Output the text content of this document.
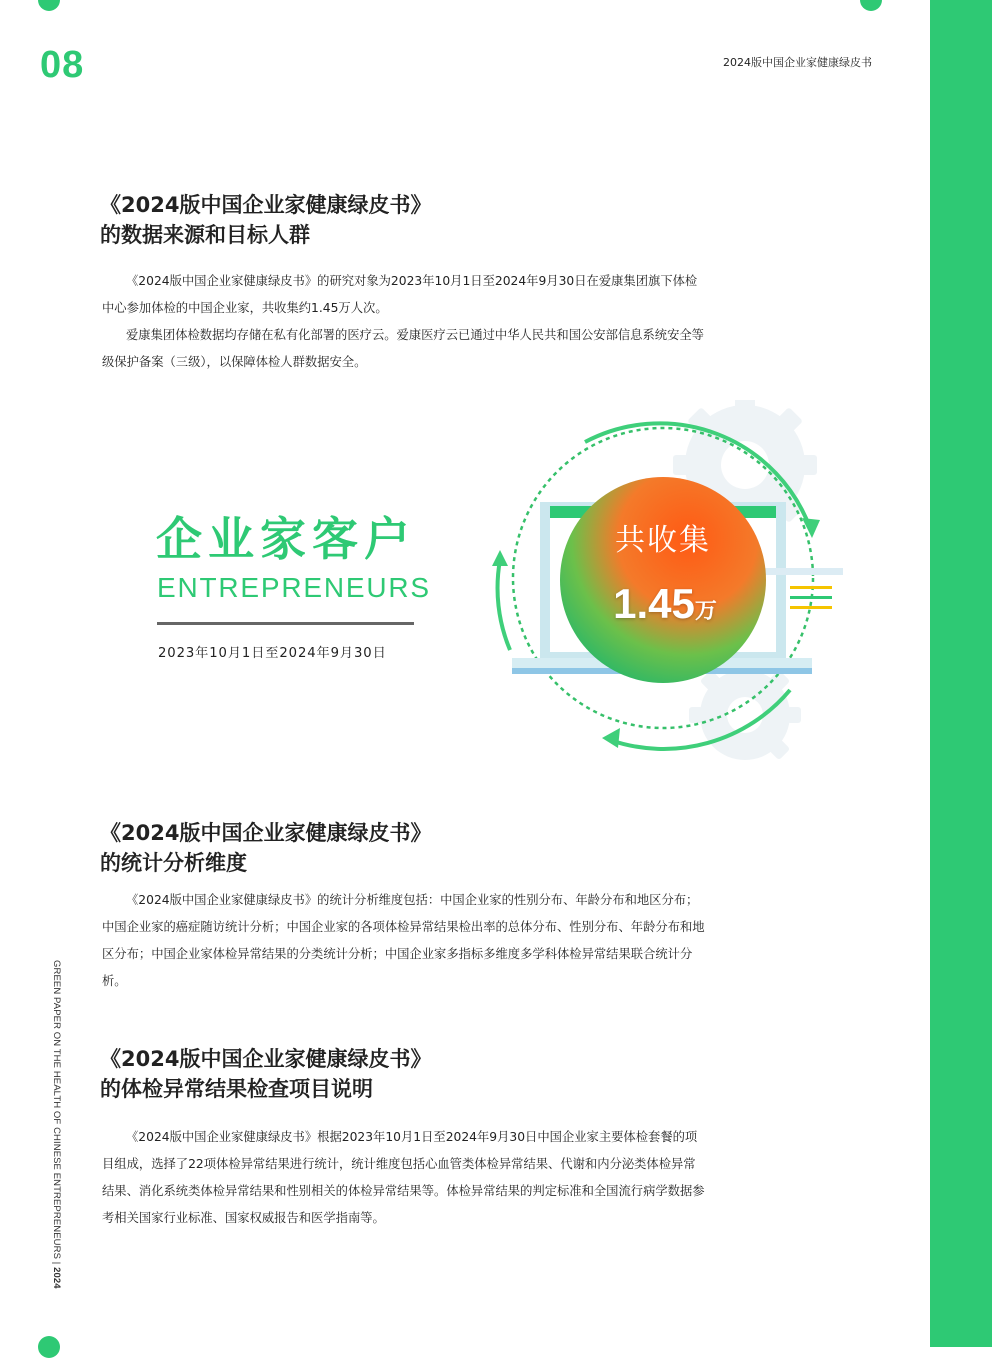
08	2024版中国企业家健康绿皮书
GREEN PAPER ON THE HEALTH OF CHINESE ENTREPRENEURS | 2024
《2024版中国企业家健康绿皮书》
的数据来源和目标人群

《2024版中国企业家健康绿皮书》的研究对象为2023年10月1日至2024年9月30日在爱康集团旗下体检中心参加体检的中国企业家，共收集约1.45万人次。

爱康集团体检数据均存储在私有化部署的医疗云。爱康医疗云已通过中华人民共和国公安部信息系统安全等级保护备案（三级），以保障体检人群数据安全。

企业家客户
ENTREPRENEURS
2023年10月1日至2024年9月30日
共收集
1.45万
《2024版中国企业家健康绿皮书》
的统计分析维度

《2024版中国企业家健康绿皮书》的统计分析维度包括：中国企业家的性别分布、年龄分布和地区分布；中国企业家的癌症随访统计分析；中国企业家的各项体检异常结果检出率的总体分布、性别分布、年龄分布和地区分布；中国企业家体检异常结果的分类统计分析；中国企业家多指标多维度多学科体检异常结果联合统计分析。

《2024版中国企业家健康绿皮书》
的体检异常结果检查项目说明

《2024版中国企业家健康绿皮书》根据2023年10月1日至2024年9月30日中国企业家主要体检套餐的项目组成，选择了22项体检异常结果进行统计，统计维度包括心血管类体检异常结果、代谢和内分泌类体检异常结果、消化系统类体检异常结果和性别相关的体检异常结果等。体检异常结果的判定标准和全国流行病学数据参考相关国家行业标准、国家权威报告和医学指南等。
